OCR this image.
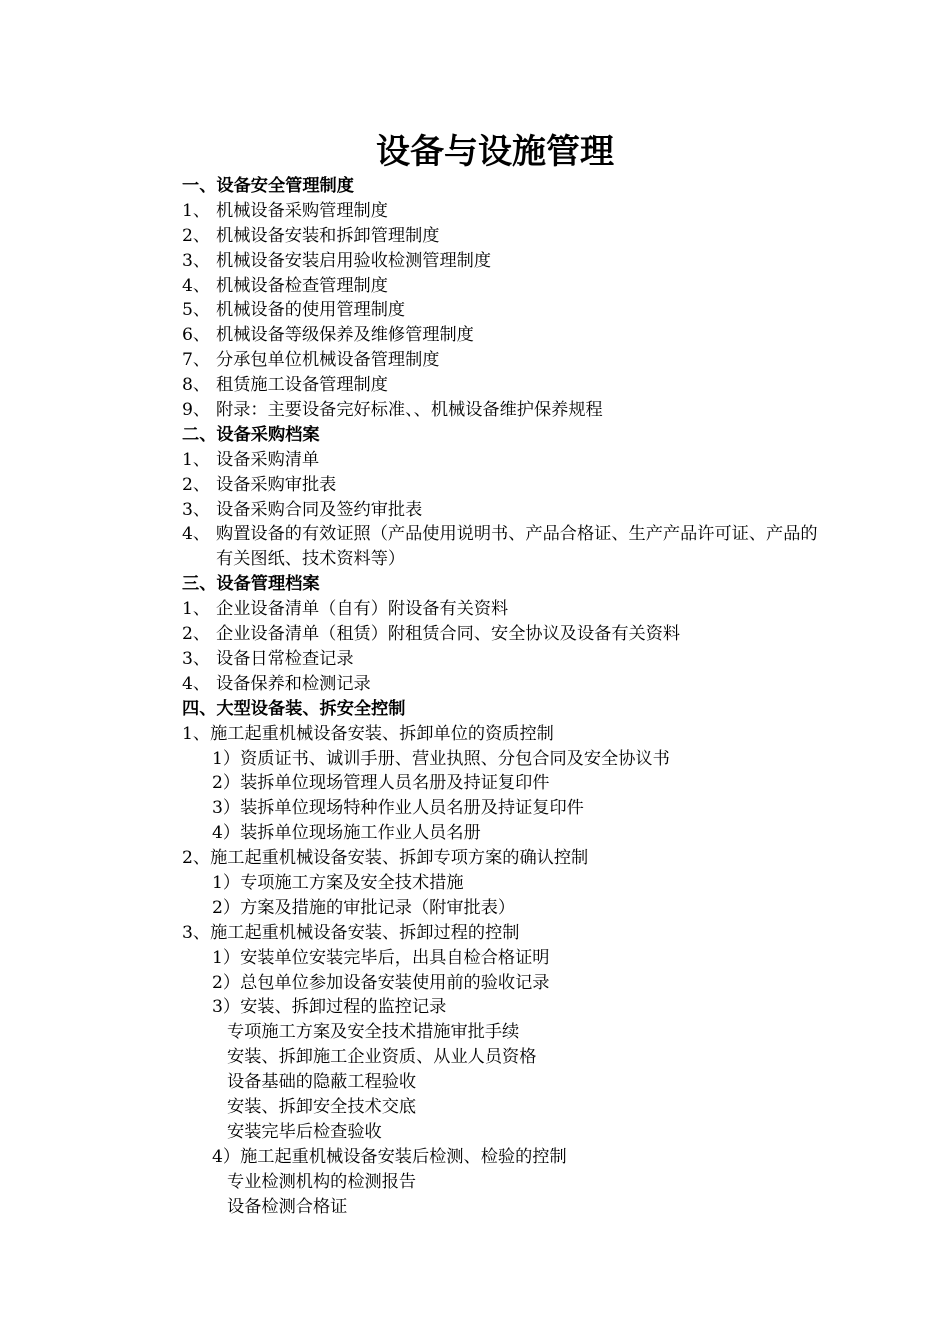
设备与设施管理
一、设备安全管理制度
1、 机械设备采购管理制度
2、 机械设备安装和拆卸管理制度
3、 机械设备安装启用验收检测管理制度
4、 机械设备检查管理制度
5、 机械设备的使用管理制度
6、 机械设备等级保养及维修管理制度
7、 分承包单位机械设备管理制度
8、 租赁施工设备管理制度
9、 附录：主要设备完好标准、、机械设备维护保养规程
二、设备采购档案
1、 设备采购清单
2、 设备采购审批表
3、 设备采购合同及签约审批表
4、 购置设备的有效证照（产品使用说明书、产品合格证、生产产品许可证、产品的有关图纸、技术资料等）
三、设备管理档案
1、 企业设备清单（自有）附设备有关资料
2、 企业设备清单（租赁）附租赁合同、安全协议及设备有关资料
3、 设备日常检查记录
4、 设备保养和检测记录
四、大型设备装、拆安全控制
1、施工起重机械设备安装、拆卸单位的资质控制
1）资质证书、诚训手册、营业执照、分包合同及安全协议书
2）装拆单位现场管理人员名册及持证复印件
3）装拆单位现场特种作业人员名册及持证复印件
4）装拆单位现场施工作业人员名册
2、施工起重机械设备安装、拆卸专项方案的确认控制
1）专项施工方案及安全技术措施
2）方案及措施的审批记录（附审批表）
3、施工起重机械设备安装、拆卸过程的控制
1）安装单位安装完毕后，出具自检合格证明
2）总包单位参加设备安装使用前的验收记录
3）安装、拆卸过程的监控记录
专项施工方案及安全技术措施审批手续
安装、拆卸施工企业资质、从业人员资格
设备基础的隐蔽工程验收
安装、拆卸安全技术交底
安装完毕后检查验收
4）施工起重机械设备安装后检测、检验的控制
专业检测机构的检测报告
设备检测合格证
